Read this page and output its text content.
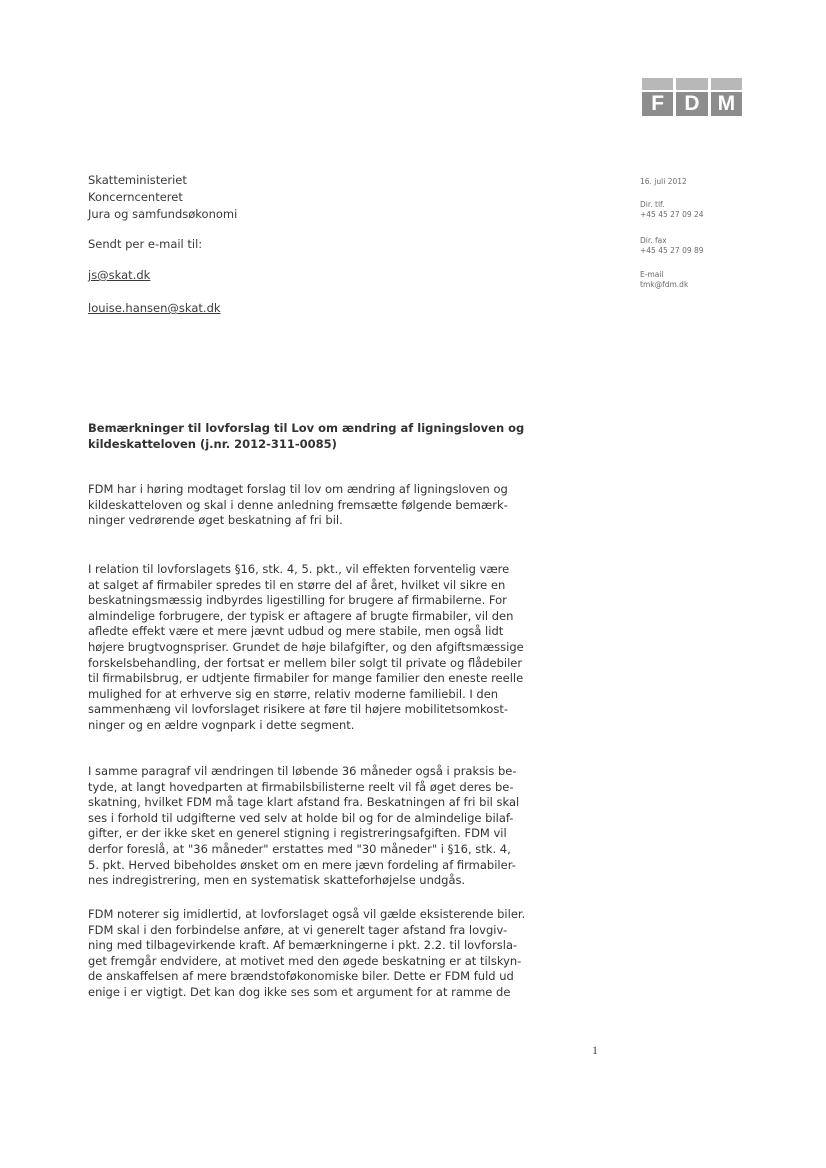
F D M
Skatteministeriet
Koncerncenteret
Jura og samfundsøkonomi
Sendt per e-mail til:
js@skat.dk
louise.hansen@skat.dk
16. juli 2012
Dir. tlf.
+45 45 27 09 24
Dir. fax
+45 45 27 09 89
E-mail
tmk@fdm.dk
Bemærkninger til lovforslag til Lov om ændring af ligningsloven og
kildeskatteloven (j.nr. 2012-311-0085)
FDM har i høring modtaget forslag til lov om ændring af ligningsloven og
kildeskatteloven og skal i denne anledning fremsætte følgende bemærk-
ninger vedrørende øget beskatning af fri bil.
I relation til lovforslagets §16, stk. 4, 5. pkt., vil effekten forventelig være
at salget af firmabiler spredes til en større del af året, hvilket vil sikre en
beskatningsmæssig indbyrdes ligestilling for brugere af firmabilerne. For
almindelige forbrugere, der typisk er aftagere af brugte firmabiler, vil den
afledte effekt være et mere jævnt udbud og mere stabile, men også lidt
højere brugtvognspriser. Grundet de høje bilafgifter, og den afgiftsmæssige
forskelsbehandling, der fortsat er mellem biler solgt til private og flådebiler
til firmabilsbrug, er udtjente firmabiler for mange familier den eneste reelle
mulighed for at erhverve sig en større, relativ moderne familiebil. I den
sammenhæng vil lovforslaget risikere at føre til højere mobilitetsomkost-
ninger og en ældre vognpark i dette segment.
I samme paragraf vil ændringen til løbende 36 måneder også i praksis be-
tyde, at langt hovedparten at firmabilsbilisterne reelt vil få øget deres be-
skatning, hvilket FDM må tage klart afstand fra. Beskatningen af fri bil skal
ses i forhold til udgifterne ved selv at holde bil og for de almindelige bilaf-
gifter, er der ikke sket en generel stigning i registreringsafgiften. FDM vil
derfor foreslå, at "36 måneder" erstattes med "30 måneder" i §16, stk. 4,
5. pkt. Herved bibeholdes ønsket om en mere jævn fordeling af firmabiler-
nes indregistrering, men en systematisk skatteforhøjelse undgås.
FDM noterer sig imidlertid, at lovforslaget også vil gælde eksisterende biler.
FDM skal i den forbindelse anføre, at vi generelt tager afstand fra lovgiv-
ning med tilbagevirkende kraft. Af bemærkningerne i pkt. 2.2. til lovforsla-
get fremgår endvidere, at motivet med den øgede beskatning er at tilskyn-
de anskaffelsen af mere brændstoføkonomiske biler. Dette er FDM fuld ud
enige i er vigtigt. Det kan dog ikke ses som et argument for at ramme de
1
